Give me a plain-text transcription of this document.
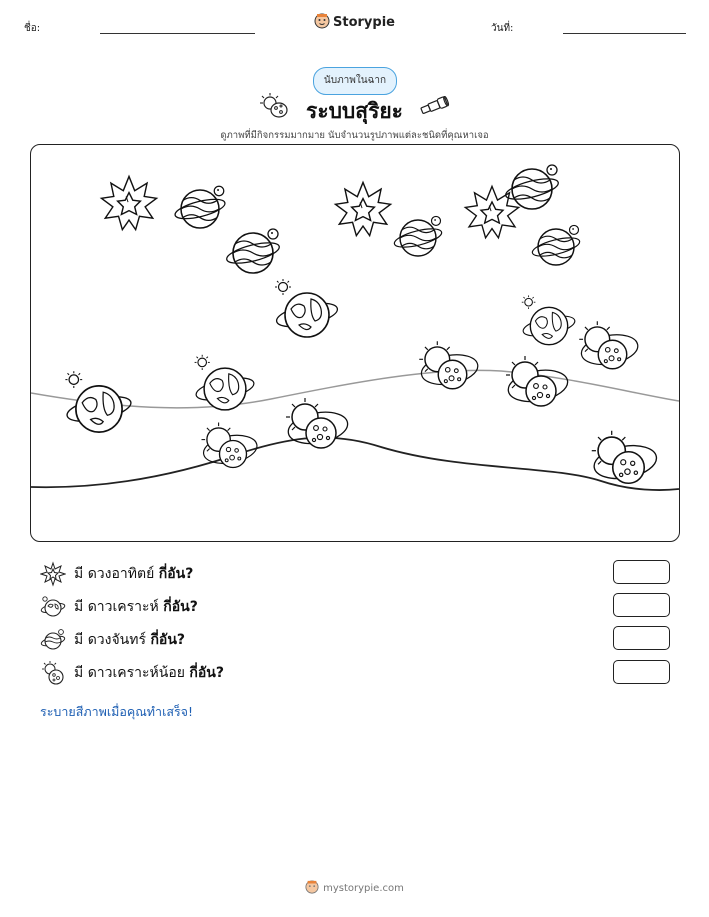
ชื่อ:	Storypie	วันที่:
นับภาพในฉาก
ระบบสุริยะ
ดูภาพที่มีกิจกรรมมากมาย นับจำนวนรูปภาพแต่ละชนิดที่คุณหาเจอ
มี ดวงอาทิตย์ กี่อัน?
มี ดาวเคราะห์ กี่อัน?
มี ดวงจันทร์ กี่อัน?
มี ดาวเคราะห์น้อย กี่อัน?
ระบายสีภาพเมื่อคุณทำเสร็จ!
mystorypie.com
